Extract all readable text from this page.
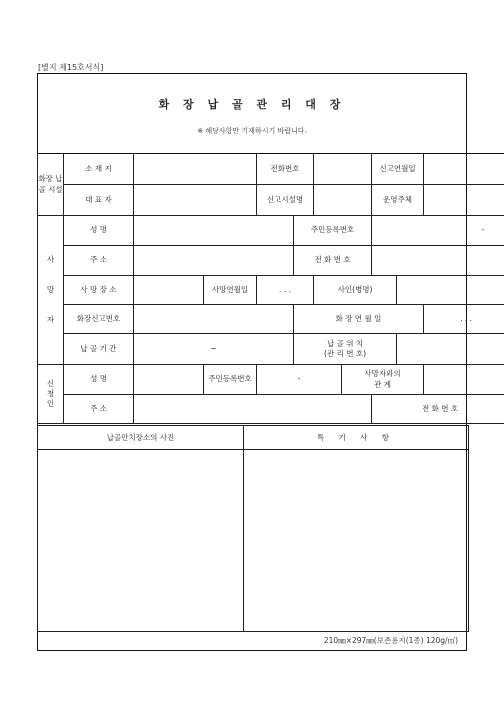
[별지 제15호서식]
화 장 납 골 관 리 대 장
※ 해당사항만 기재하시기 바랍니다.
화장 납골 시설	소 재 지			전화번호				신고연월일			
	대 표 자			신고시설명				운영주체			
사

망

자	성 명				주민등록번호			-			
	주 소				전 화 번 호						
	사 망 장 소		사망연월일	. . .		사인(병명)					
	화장신고번호				화 장 연 월 일					. . .	
	납 골 기 간	~			납 골 위 치
(관 리 번 호)						
신
청
인	성 명		주민등록번호	-			사망자와의
관 계				
	주 소							전 화 번 호			
납골안치장소의 사진	특 기 사 항

210㎜×297㎜(보존용지(1종) 120g/㎡)
